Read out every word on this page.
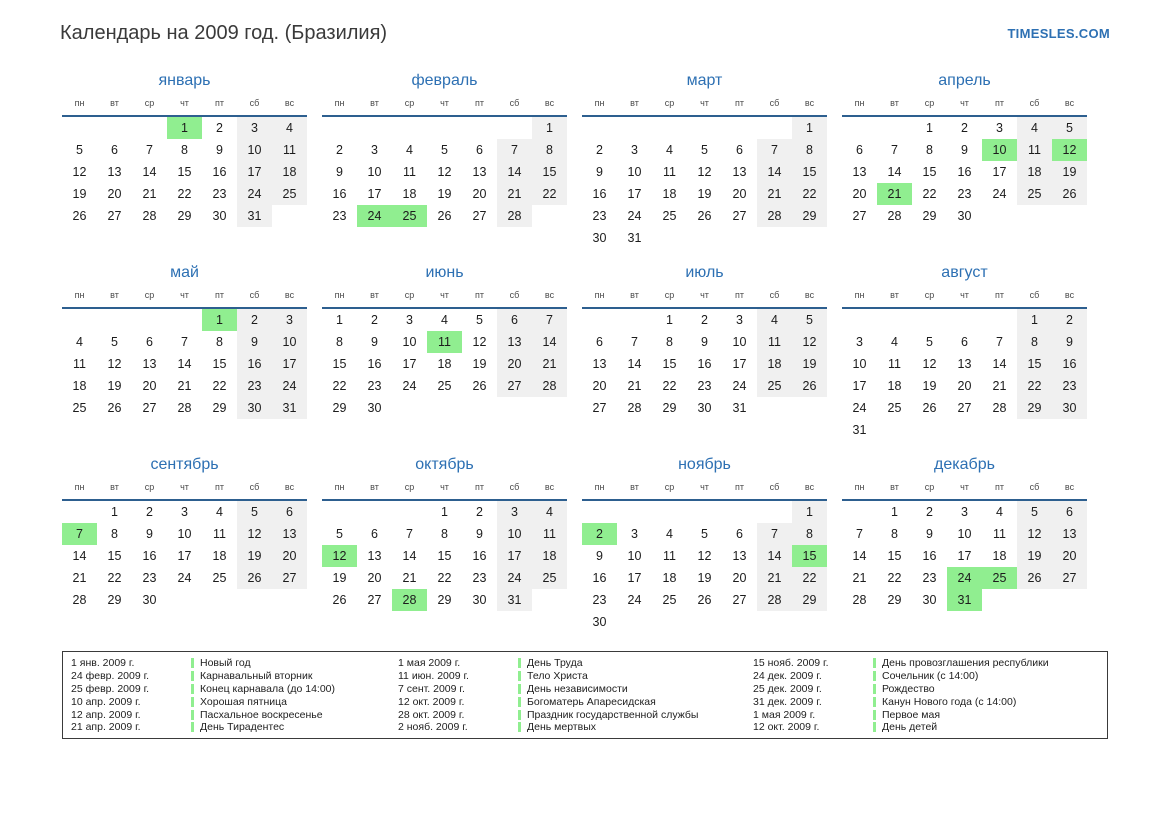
Календарь на 2009 год. (Бразилия)	TIMESLES.COM
январь
пн	вт	ср	чт	пт	сб	вс
			1	2	3	4
5	6	7	8	9	10	11
12	13	14	15	16	17	18
19	20	21	22	23	24	25
26	27	28	29	30	31	
февраль
пн	вт	ср	чт	пт	сб	вс
						1
2	3	4	5	6	7	8
9	10	11	12	13	14	15
16	17	18	19	20	21	22
23	24	25	26	27	28	
март
пн	вт	ср	чт	пт	сб	вс
						1
2	3	4	5	6	7	8
9	10	11	12	13	14	15
16	17	18	19	20	21	22
23	24	25	26	27	28	29
30	31					
апрель
пн	вт	ср	чт	пт	сб	вс
		1	2	3	4	5
6	7	8	9	10	11	12
13	14	15	16	17	18	19
20	21	22	23	24	25	26
27	28	29	30			
май
пн	вт	ср	чт	пт	сб	вс
				1	2	3
4	5	6	7	8	9	10
11	12	13	14	15	16	17
18	19	20	21	22	23	24
25	26	27	28	29	30	31
июнь
пн	вт	ср	чт	пт	сб	вс
1	2	3	4	5	6	7
8	9	10	11	12	13	14
15	16	17	18	19	20	21
22	23	24	25	26	27	28
29	30					
июль
пн	вт	ср	чт	пт	сб	вс
		1	2	3	4	5
6	7	8	9	10	11	12
13	14	15	16	17	18	19
20	21	22	23	24	25	26
27	28	29	30	31		
август
пн	вт	ср	чт	пт	сб	вс
					1	2
3	4	5	6	7	8	9
10	11	12	13	14	15	16
17	18	19	20	21	22	23
24	25	26	27	28	29	30
31						
сентябрь
пн	вт	ср	чт	пт	сб	вс
	1	2	3	4	5	6
7	8	9	10	11	12	13
14	15	16	17	18	19	20
21	22	23	24	25	26	27
28	29	30				
октябрь
пн	вт	ср	чт	пт	сб	вс
			1	2	3	4
5	6	7	8	9	10	11
12	13	14	15	16	17	18
19	20	21	22	23	24	25
26	27	28	29	30	31	
ноябрь
пн	вт	ср	чт	пт	сб	вс
						1
2	3	4	5	6	7	8
9	10	11	12	13	14	15
16	17	18	19	20	21	22
23	24	25	26	27	28	29
30						
декабрь
пн	вт	ср	чт	пт	сб	вс
	1	2	3	4	5	6
7	8	9	10	11	12	13
14	15	16	17	18	19	20
21	22	23	24	25	26	27
28	29	30	31			
1 янв. 2009 г.	Новый год
24 февр. 2009 г.	Карнавальный вторник
25 февр. 2009 г.	Конец карнавала (до 14:00)
10 апр. 2009 г.	Хорошая пятница
12 апр. 2009 г.	Пасхальное воскресенье
21 апр. 2009 г.	День Тирадентес
1 мая 2009 г.	День Труда
11 июн. 2009 г.	Тело Христа
7 сент. 2009 г.	День независимости
12 окт. 2009 г.	Богоматерь Апаресидская
28 окт. 2009 г.	Праздник государственной службы
2 нояб. 2009 г.	День мертвых
15 нояб. 2009 г.	День провозглашения республики
24 дек. 2009 г.	Сочельник (с 14:00)
25 дек. 2009 г.	Рождество
31 дек. 2009 г.	Канун Нового года (с 14:00)
1 мая 2009 г.	Первое мая
12 окт. 2009 г.	День детей
